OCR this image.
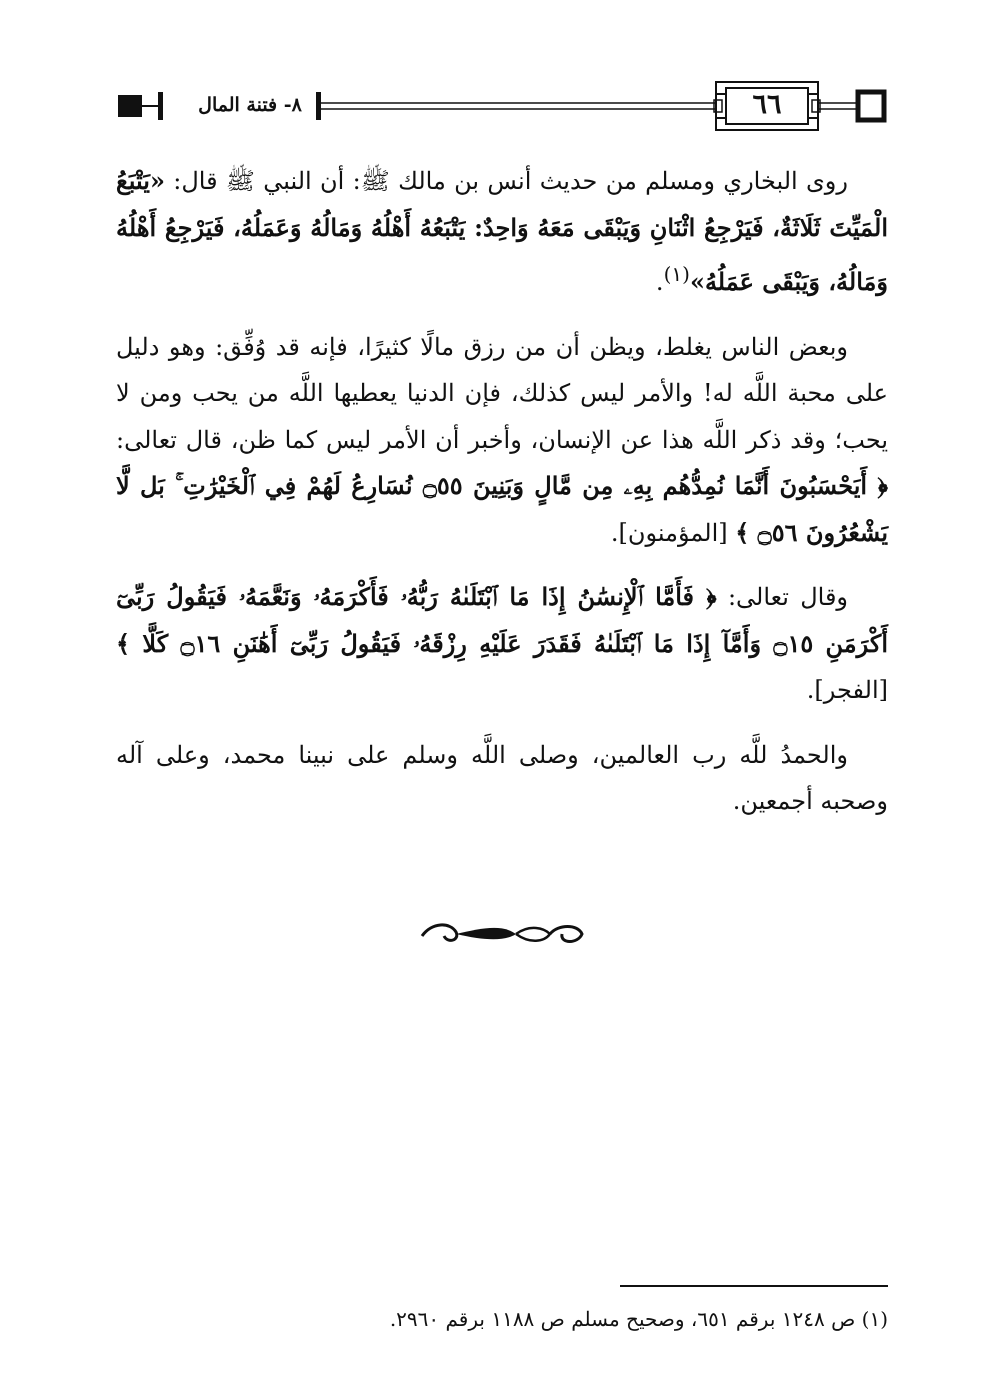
٦٦
٨- فتنة المال

روى البخاري ومسلم من حديث أنس بن مالك ﷺ: أن النبي ﷺ قال: «يَتْبَعُ الْمَيِّتَ ثَلَاثَةٌ، فَيَرْجِعُ اثْنَانِ وَيَبْقَى مَعَهُ وَاحِدٌ: يَتْبَعُهُ أَهْلُهُ وَمَالُهُ وَعَمَلُهُ، فَيَرْجِعُ أَهْلُهُ وَمَالُهُ، وَيَبْقَى عَمَلُهُ»$^{(١)}$.

وبعض الناس يغلط، ويظن أن من رزق مالًا كثيرًا، فإنه قد وُفِّق: وهو دليل على محبة اللَّه له! والأمر ليس كذلك، فإن الدنيا يعطيها اللَّه من يحب ومن لا يحب؛ وقد ذكر اللَّه هذا عن الإنسان، وأخبر أن الأمر ليس كما ظن، قال تعالى: ﴿ أَيَحْسَبُونَ أَنَّمَا نُمِدُّهُم بِهِۦ مِن مَّالٍ وَبَنِينَ ۝٥٥ نُسَارِعُ لَهُمْ فِي ٱلْخَيْرَٰتِ ۚ بَل لَّا يَشْعُرُونَ ۝٥٦ ﴾ [المؤمنون].

وقال تعالى: ﴿ فَأَمَّا ٱلْإِنسَٰنُ إِذَا مَا ٱبْتَلَىٰهُ رَبُّهُۥ فَأَكْرَمَهُۥ وَنَعَّمَهُۥ فَيَقُولُ رَبِّىٓ أَكْرَمَنِ ۝١٥ وَأَمَّآ إِذَا مَا ٱبْتَلَىٰهُ فَقَدَرَ عَلَيْهِ رِزْقَهُۥ فَيَقُولُ رَبِّىٓ أَهَٰنَنِ ۝١٦ كَلَّا ﴾ [الفجر].

والحمدُ للَّه رب العالمين، وصلى اللَّه وسلم على نبينا محمد، وعلى آله وصحبه أجمعين.

(١) ص ١٢٤٨ برقم ٦٥١، وصحيح مسلم ص ١١٨٨ برقم ٢٩٦٠.
